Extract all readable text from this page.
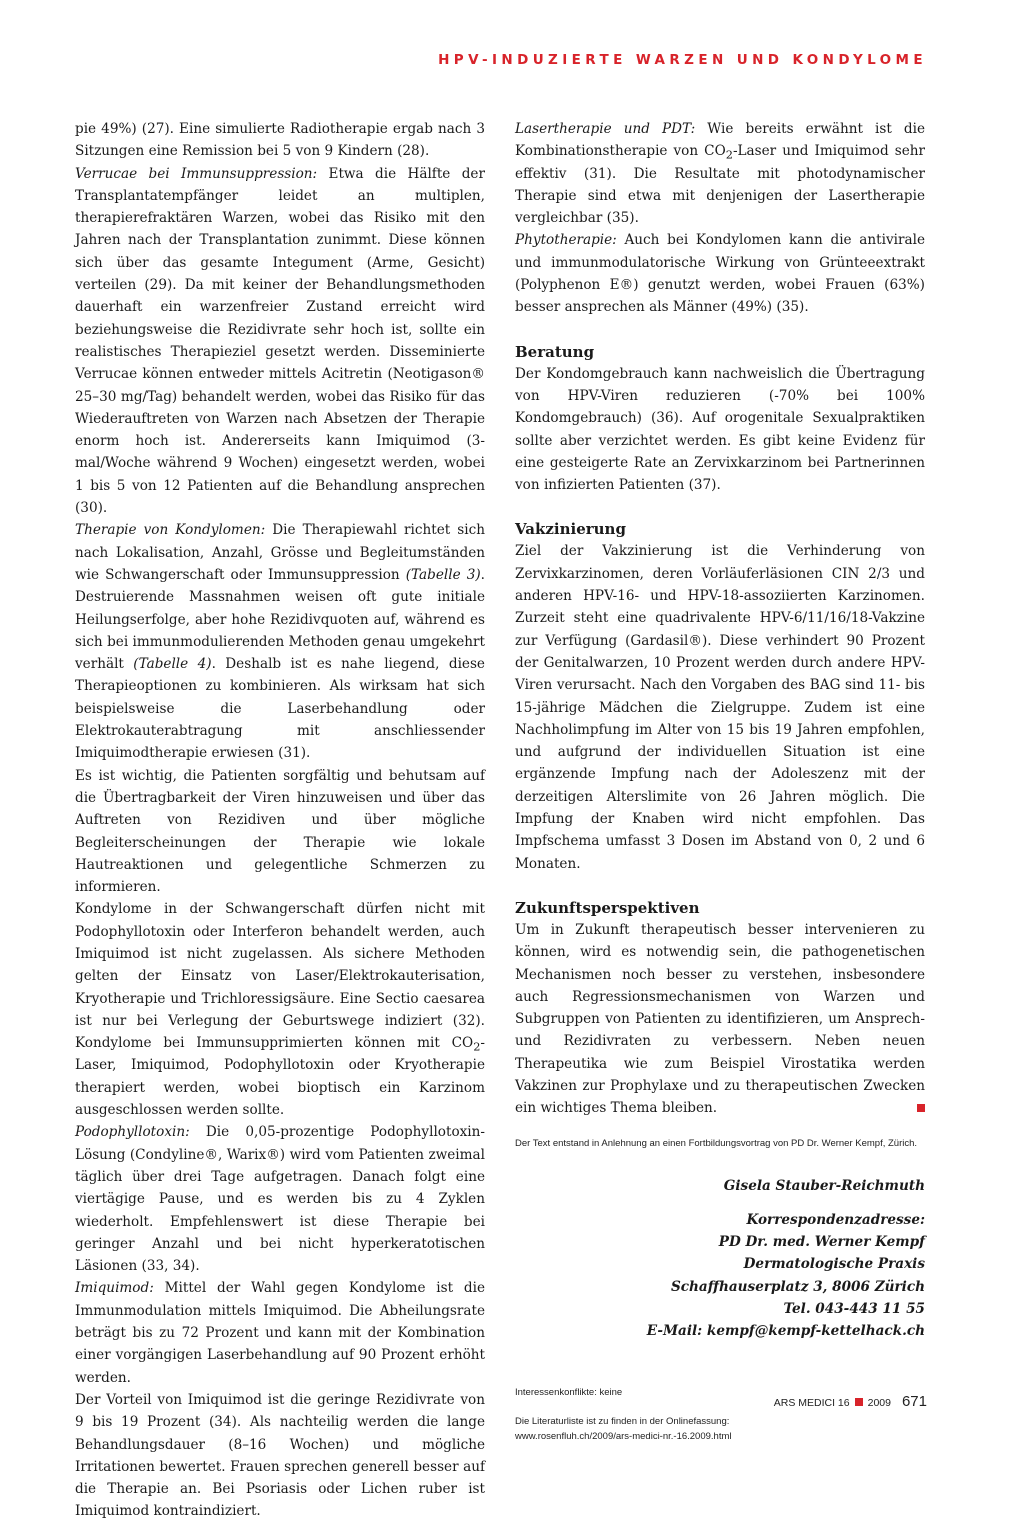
HPV-INDUZIERTE WARZEN UND KONDYLOME

pie 49%) (27). Eine simulierte Radiotherapie ergab nach 3 Sitzungen eine Remission bei 5 von 9 Kindern (28).

Verrucae bei Immunsuppression: Etwa die Hälfte der Transplantatempfänger leidet an multiplen, therapierefraktären Warzen, wobei das Risiko mit den Jahren nach der Transplantation zunimmt. Diese können sich über das gesamte Integument (Arme, Gesicht) verteilen (29). Da mit keiner der Behandlungsmethoden dauerhaft ein warzenfreier Zustand erreicht wird beziehungsweise die Rezidivrate sehr hoch ist, sollte ein realistisches Therapieziel gesetzt werden. Disseminierte Verrucae können entweder mittels Acitretin (Neotigason® 25–30 mg/Tag) behandelt werden, wobei das Risiko für das Wiederauftreten von Warzen nach Absetzen der Therapie enorm hoch ist. Andererseits kann Imiquimod (3-mal/Woche während 9 Wochen) eingesetzt werden, wobei 1 bis 5 von 12 Patienten auf die Behandlung ansprechen (30).

Therapie von Kondylomen: Die Therapiewahl richtet sich nach Lokalisation, Anzahl, Grösse und Begleitumständen wie Schwangerschaft oder Immunsuppression (Tabelle 3). Destruierende Massnahmen weisen oft gute initiale Heilungserfolge, aber hohe Rezidivquoten auf, während es sich bei immunmodulierenden Methoden genau umgekehrt verhält (Tabelle 4). Deshalb ist es nahe liegend, diese Therapieoptionen zu kombinieren. Als wirksam hat sich beispielsweise die Laserbehandlung oder Elektrokauterabtragung mit anschliessender Imiquimodtherapie erwiesen (31).

Es ist wichtig, die Patienten sorgfältig und behutsam auf die Übertragbarkeit der Viren hinzuweisen und über das Auftreten von Rezidiven und über mögliche Begleiterscheinungen der Therapie wie lokale Hautreaktionen und gelegentliche Schmerzen zu informieren.

Kondylome in der Schwangerschaft dürfen nicht mit Podophyllotoxin oder Interferon behandelt werden, auch Imiquimod ist nicht zugelassen. Als sichere Methoden gelten der Einsatz von Laser/Elektrokauterisation, Kryotherapie und Trichloressigsäure. Eine Sectio caesarea ist nur bei Verlegung der Geburtswege indiziert (32). Kondylome bei Immunsupprimierten können mit $CO_2$-Laser, Imiquimod, Podophyllotoxin oder Kryotherapie therapiert werden, wobei bioptisch ein Karzinom ausgeschlossen werden sollte.

Podophyllotoxin: Die 0,05-prozentige Podophyllotoxin-Lösung (Condyline®, Warix®) wird vom Patienten zweimal täglich über drei Tage aufgetragen. Danach folgt eine viertägige Pause, und es werden bis zu 4 Zyklen wiederholt. Empfehlenswert ist diese Therapie bei geringer Anzahl und bei nicht hyperkeratotischen Läsionen (33, 34).

Imiquimod: Mittel der Wahl gegen Kondylome ist die Immunmodulation mittels Imiquimod. Die Abheilungsrate beträgt bis zu 72 Prozent und kann mit der Kombination einer vorgängigen Laserbehandlung auf 90 Prozent erhöht werden.

Der Vorteil von Imiquimod ist die geringe Rezidivrate von 9 bis 19 Prozent (34). Als nachteilig werden die lange Behandlungsdauer (8–16 Wochen) und mögliche Irritationen bewertet. Frauen sprechen generell besser auf die Therapie an. Bei Psoriasis oder Lichen ruber ist Imiquimod kontraindiziert.

Lasertherapie und PDT: Wie bereits erwähnt ist die Kombinationstherapie von $CO_2$-Laser und Imiquimod sehr effektiv (31). Die Resultate mit photodynamischer Therapie sind etwa mit denjenigen der Lasertherapie vergleichbar (35).

Phytotherapie: Auch bei Kondylomen kann die antivirale und immunmodulatorische Wirkung von Grünteeextrakt (Polyphenon E®) genutzt werden, wobei Frauen (63%) besser ansprechen als Männer (49%) (35).

Beratung

Der Kondomgebrauch kann nachweislich die Übertragung von HPV-Viren reduzieren (-70% bei 100% Kondomgebrauch) (36). Auf orogenitale Sexualpraktiken sollte aber verzichtet werden. Es gibt keine Evidenz für eine gesteigerte Rate an Zervixkarzinom bei Partnerinnen von infizierten Patienten (37).

Vakzinierung

Ziel der Vakzinierung ist die Verhinderung von Zervixkarzinomen, deren Vorläuferläsionen CIN 2/3 und anderen HPV-16- und HPV-18-assoziierten Karzinomen. Zurzeit steht eine quadrivalente HPV-6/11/16/18-Vakzine zur Verfügung (Gardasil®). Diese verhindert 90 Prozent der Genitalwarzen, 10 Prozent werden durch andere HPV-Viren verursacht. Nach den Vorgaben des BAG sind 11- bis 15-jährige Mädchen die Zielgruppe. Zudem ist eine Nachholimpfung im Alter von 15 bis 19 Jahren empfohlen, und aufgrund der individuellen Situation ist eine ergänzende Impfung nach der Adoleszenz mit der derzeitigen Alterslimite von 26 Jahren möglich. Die Impfung der Knaben wird nicht empfohlen. Das Impfschema umfasst 3 Dosen im Abstand von 0, 2 und 6 Monaten.

Zukunftsperspektiven

Um in Zukunft therapeutisch besser intervenieren zu können, wird es notwendig sein, die pathogenetischen Mechanismen noch besser zu verstehen, insbesondere auch Regressionsmechanismen von Warzen und Subgruppen von Patienten zu identifizieren, um Ansprech- und Rezidivraten zu verbessern. Neben neuen Therapeutika wie zum Beispiel Virostatika werden Vakzinen zur Prophylaxe und zu therapeutischen Zwecken ein wichtiges Thema bleiben.

Der Text entstand in Anlehnung an einen Fortbildungsvortrag von PD Dr. Werner Kempf, Zürich.

Gisela Stauber-Reichmuth

Korrespondenzadresse:

PD Dr. med. Werner Kempf

Dermatologische Praxis

Schaffhauserplatz 3, 8006 Zürich

Tel. 043-443 11 55

E-Mail: kempf@kempf-kettelhack.ch

Interessenkonflikte: keine

Die Literaturliste ist zu finden in der Onlinefassung:

www.rosenfluh.ch/2009/ars-medici-nr.-16.2009.html

ARS MEDICI 16 2009 671
